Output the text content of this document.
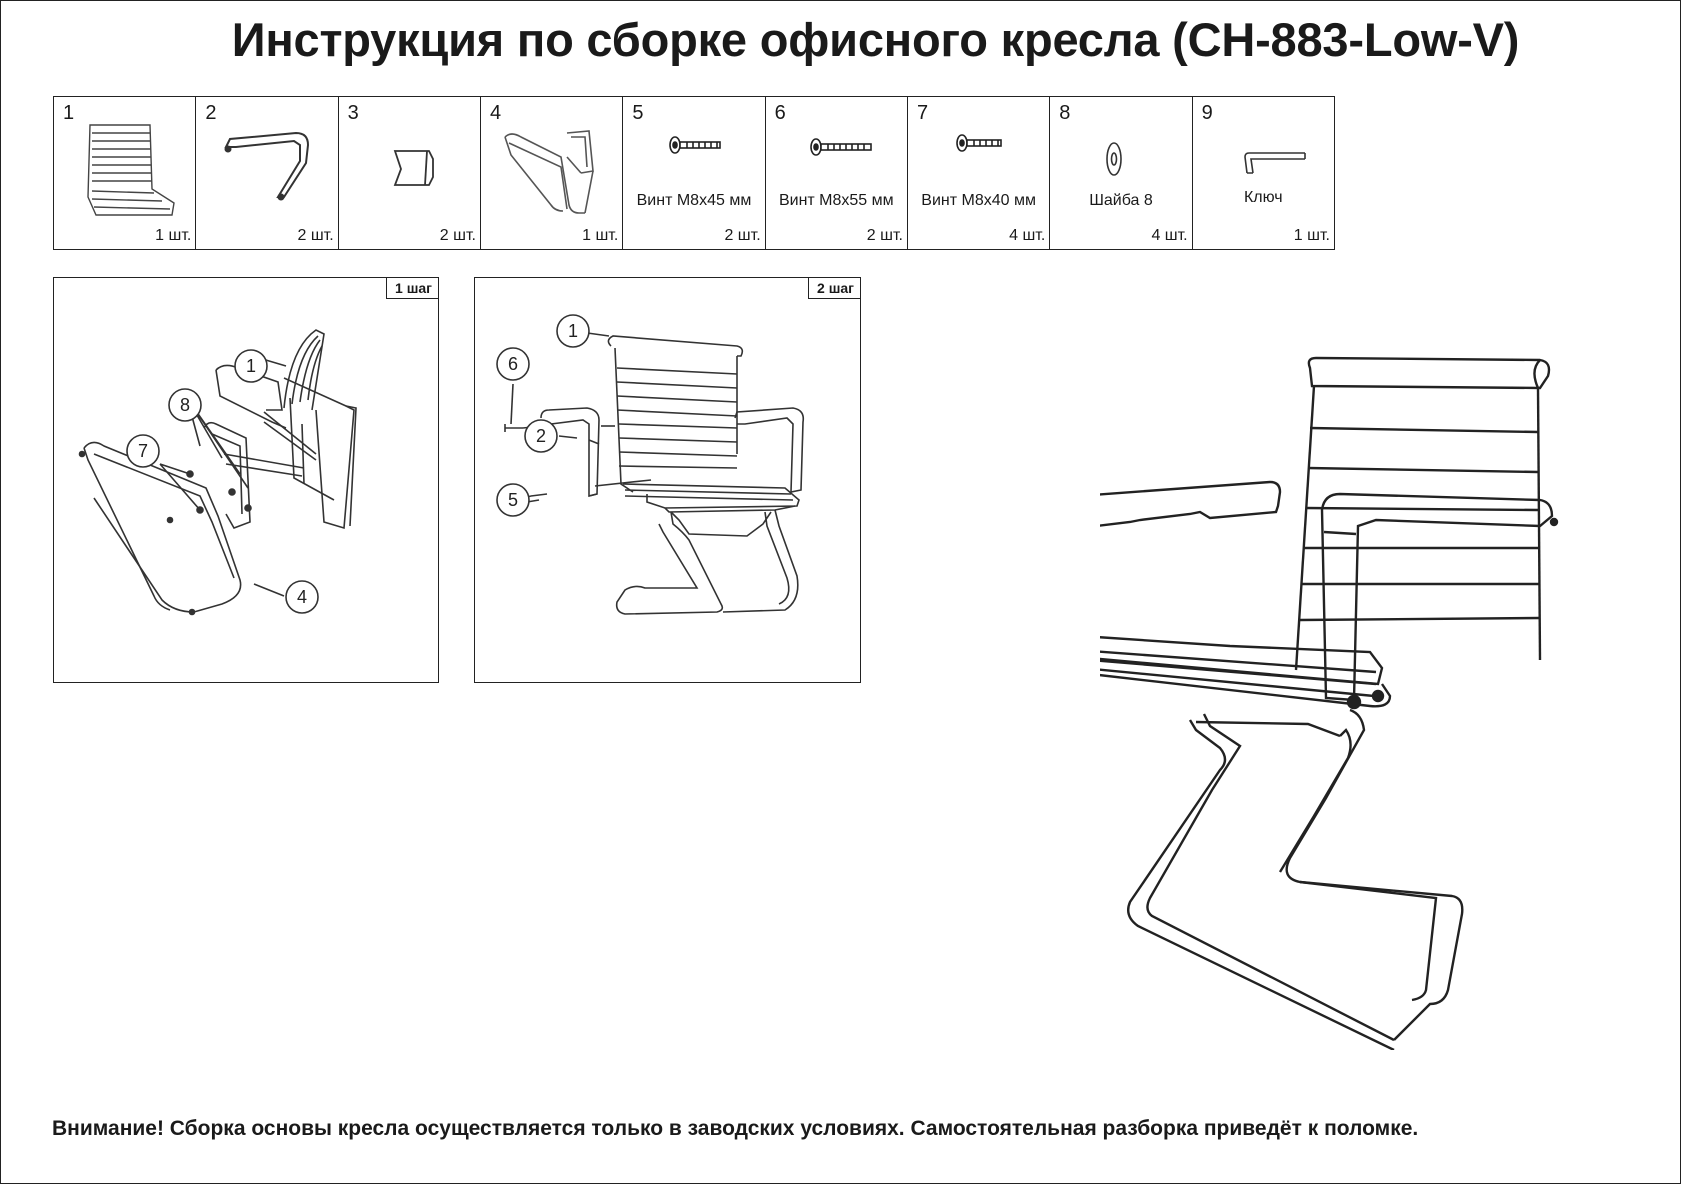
Инструкция по сборке офисного кресла (CH-883-Low-V)
1
1 шт.
2
2 шт.
3
2 шт.
4
1 шт.
5
Винт М8х45 мм
2 шт.
6
Винт М8х55 мм
2 шт.
7
Винт М8х40 мм
4 шт.
8
Шайба 8
4 шт.
9
Ключ
1 шт.
1
8
7
4
1 шаг
1
6
2
5
2 шаг
Внимание! Сборка основы кресла осуществляется только в заводских условиях. Самостоятельная разборка приведёт к поломке.
